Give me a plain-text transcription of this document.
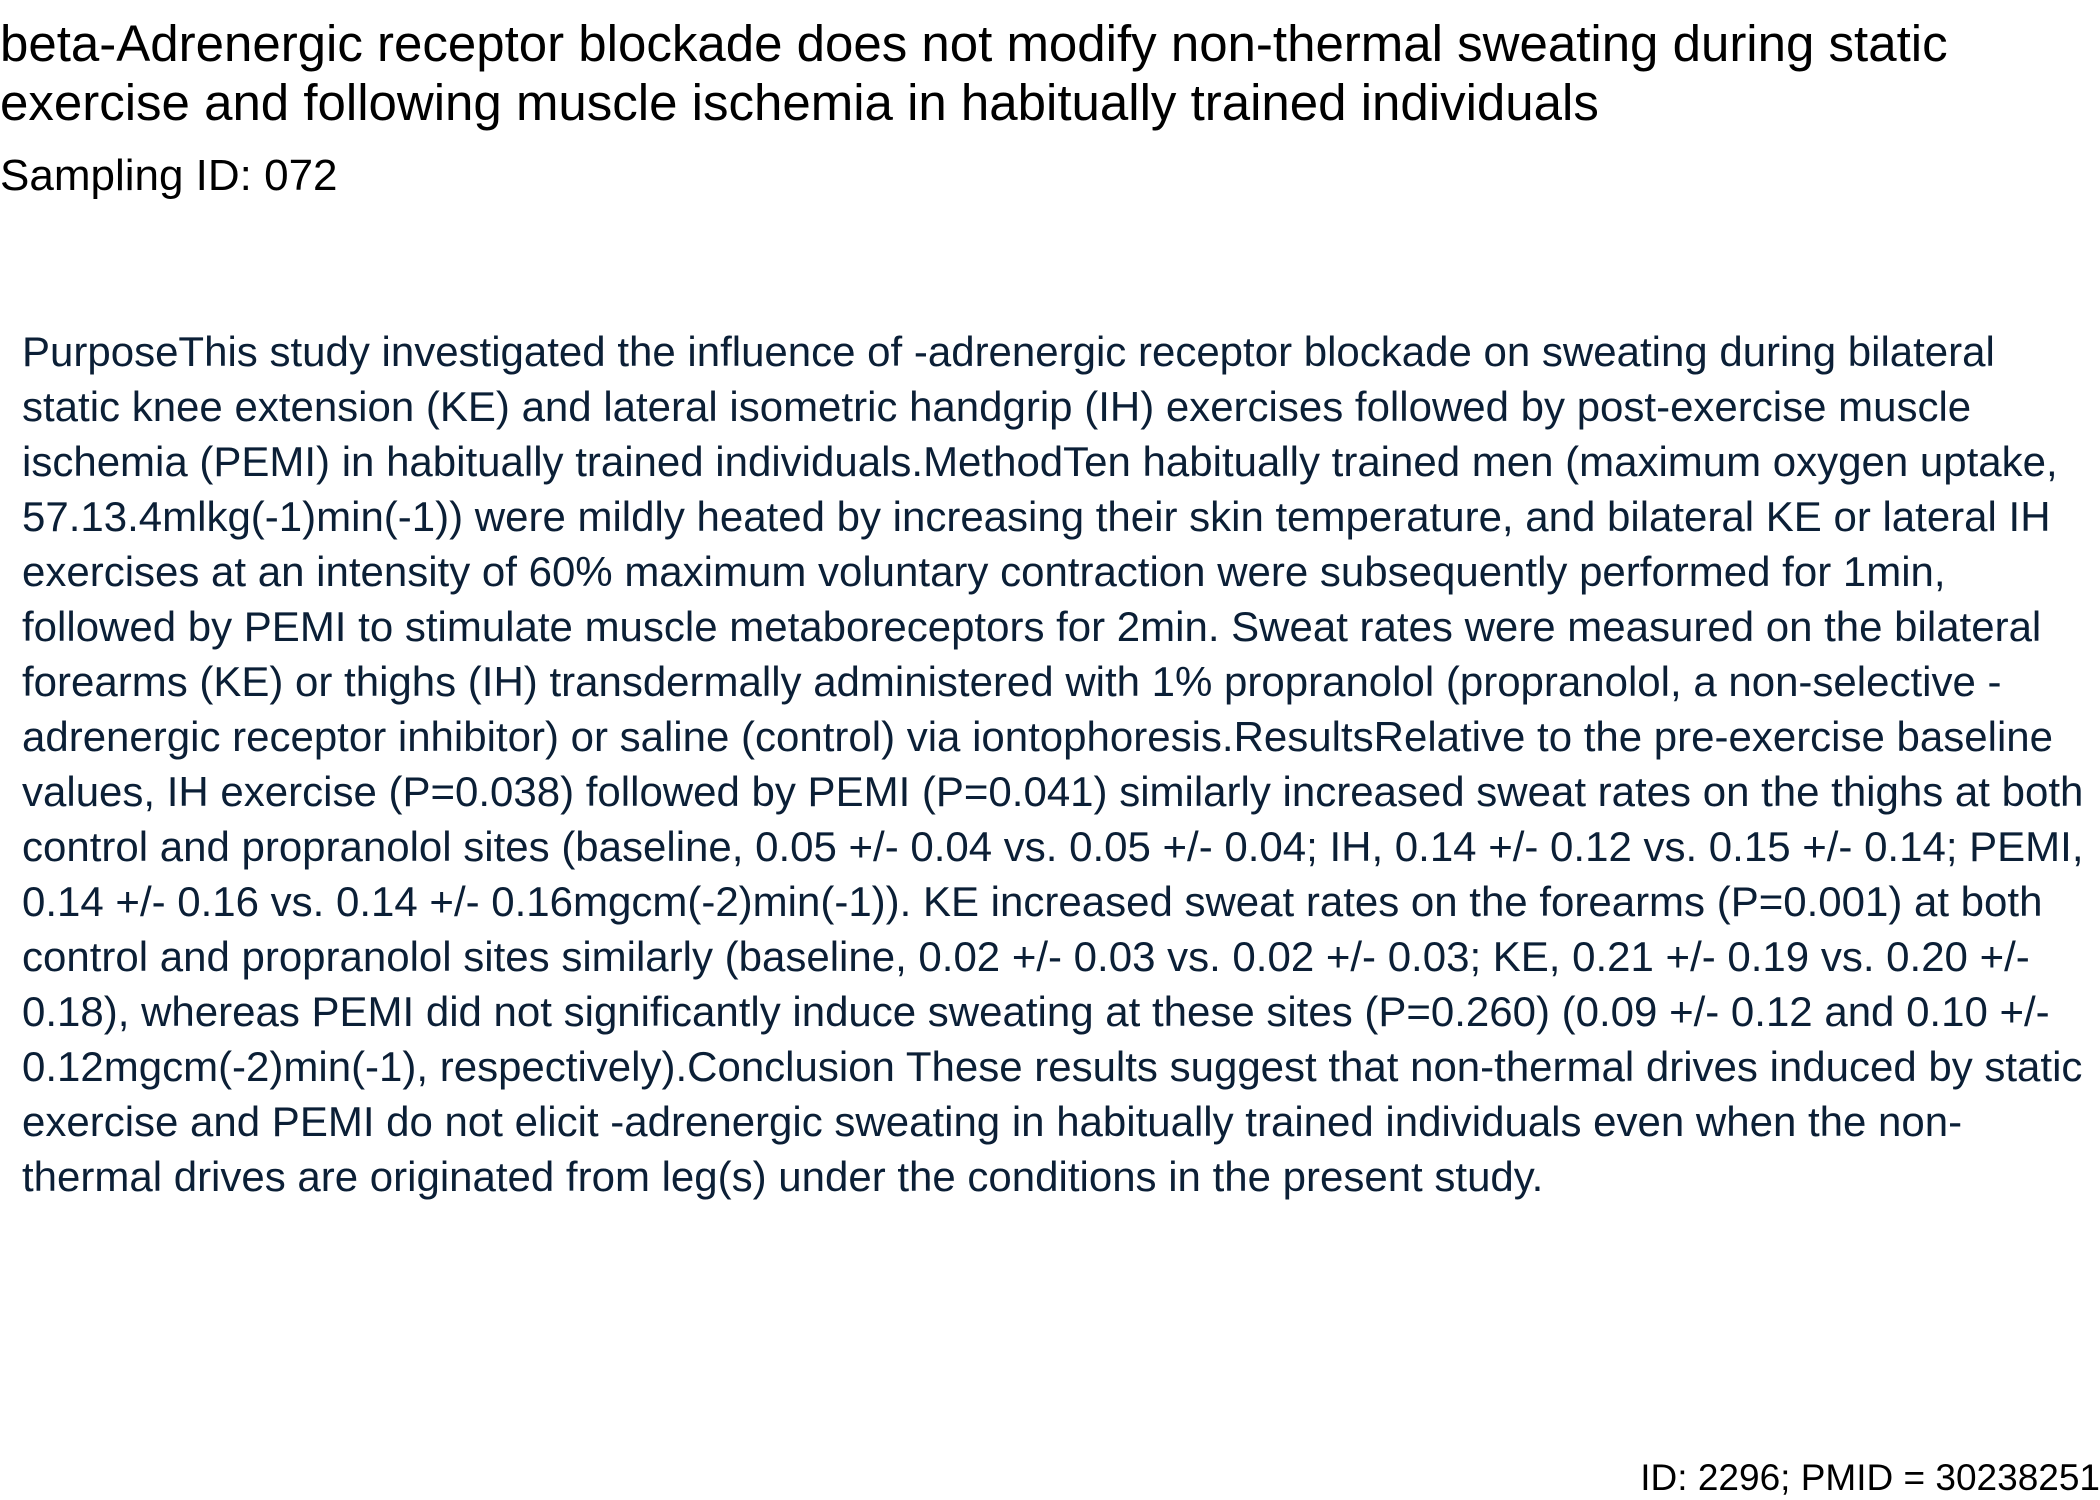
beta-Adrenergic receptor blockade does not modify non-thermal sweating during static exercise and following muscle ischemia in habitually trained individuals

Sampling ID: 072

PurposeThis study investigated the influence of -adrenergic receptor blockade on sweating during bilateral static knee extension (KE) and lateral isometric handgrip (IH) exercises followed by post-exercise muscle ischemia (PEMI) in habitually trained individuals.MethodTen habitually trained men (maximum oxygen uptake, 57.13.4mlkg(-1)min(-1)) were mildly heated by increasing their skin temperature, and bilateral KE or lateral IH exercises at an intensity of 60% maximum voluntary contraction were subsequently performed for 1min, followed by PEMI to stimulate muscle metaboreceptors for 2min. Sweat rates were measured on the bilateral forearms (KE) or thighs (IH) transdermally administered with 1% propranolol (propranolol, a non-selective -adrenergic receptor inhibitor) or saline (control) via iontophoresis.ResultsRelative to the pre-exercise baseline values, IH exercise (P=0.038) followed by PEMI (P=0.041) similarly increased sweat rates on the thighs at both control and propranolol sites (baseline, 0.05 +/- 0.04 vs. 0.05 +/- 0.04; IH, 0.14 +/- 0.12 vs. 0.15 +/- 0.14; PEMI, 0.14 +/- 0.16 vs. 0.14 +/- 0.16mgcm(-2)min(-1)). KE increased sweat rates on the forearms (P=0.001) at both control and propranolol sites similarly (baseline, 0.02 +/- 0.03 vs. 0.02 +/- 0.03; KE, 0.21 +/- 0.19 vs. 0.20 +/- 0.18), whereas PEMI did not significantly induce sweating at these sites (P=0.260) (0.09 +/- 0.12 and 0.10 +/- 0.12mgcm(-2)min(-1), respectively).Conclusion These results suggest that non-thermal drives induced by static exercise and PEMI do not elicit -adrenergic sweating in habitually trained individuals even when the non-thermal drives are originated from leg(s) under the conditions in the present study.

ID: 2296; PMID = 30238251
